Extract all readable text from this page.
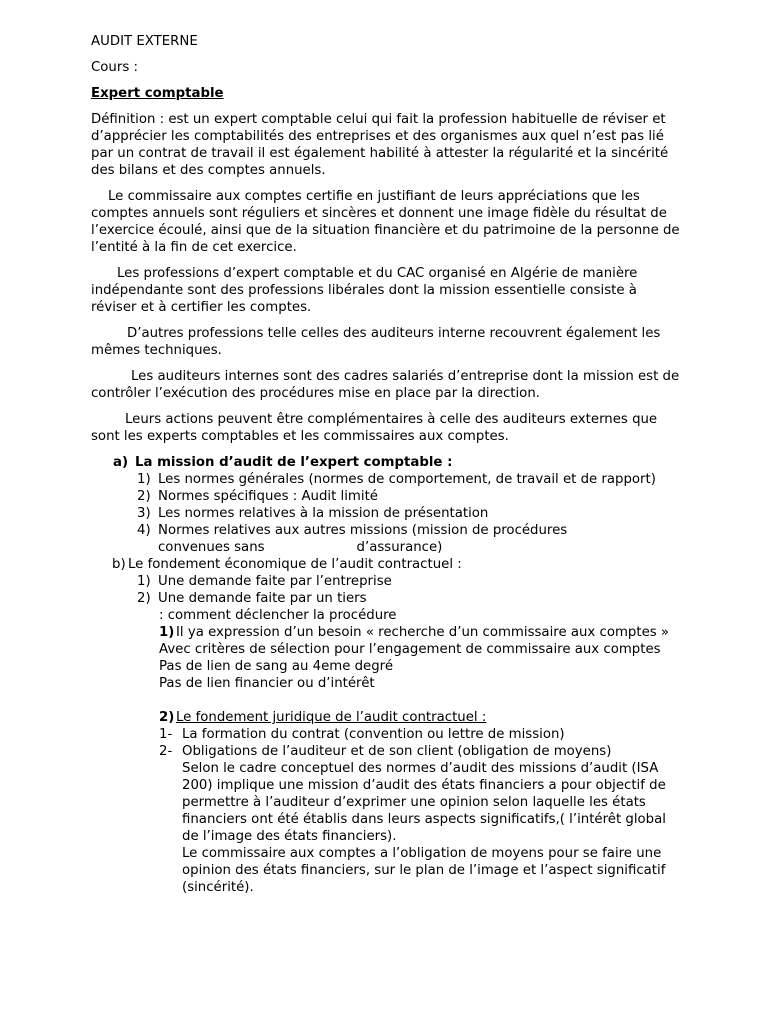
AUDIT EXTERNE

Cours :

Expert comptable

Définition : est un expert comptable celui qui fait la profession habituelle de réviser et d’apprécier les comptabilités des entreprises et des organismes aux quel n’est pas lié par un contrat de travail il est également habilité à attester la régularité et la sincérité des bilans et des comptes annuels.

Le commissaire aux comptes certifie en justifiant de leurs appréciations que les comptes annuels sont réguliers et sincères et donnent une image fidèle du résultat de l’exercice écoulé, ainsi que de la situation financière et du patrimoine de la personne de l’entité à la fin de cet exercice.

Les professions d’expert comptable et du CAC organisé en Algérie de manière indépendante sont des professions libérales dont la mission essentielle consiste à réviser et à certifier les comptes.

D’autres professions telle celles des auditeurs interne recouvrent également les mêmes techniques.

Les auditeurs internes sont des cadres salariés d’entreprise dont la mission est de contrôler l’exécution des procédures mise en place par la direction.

Leurs actions peuvent être complémentaires à celle des auditeurs externes que sont les experts comptables et les commissaires aux comptes.

a) La mission d’audit de l’expert comptable :
1) Les normes générales (normes de comportement, de travail et de rapport)
2) Normes spécifiques : Audit limité
3) Les normes relatives à la mission de présentation
4) Normes relatives aux autres missions (mission de procédures
convenues sans	d’assurance)
b) Le fondement économique de l’audit contractuel :
1) Une demande faite par l’entreprise
2) Une demande faite par un tiers

: comment déclencher la procédure

1) Il ya expression d’un besoin « recherche d’un commissaire aux comptes »

Avec critères de sélection pour l’engagement de commissaire aux comptes

Pas de lien de sang au 4eme degré

Pas de lien financier ou d’intérêt

2) Le fondement juridique de l’audit contractuel :
1- La formation du contrat (convention ou lettre de mission)
2- Obligations de l’auditeur et de son client (obligation de moyens)

Selon le cadre conceptuel des normes d’audit des missions d’audit (ISA 200) implique une mission d’audit des états financiers a pour objectif de permettre à l’auditeur d’exprimer une opinion selon laquelle les états financiers ont été établis dans leurs aspects significatifs,( l’intérêt global de l’image des états financiers).

Le commissaire aux comptes a l’obligation de moyens pour se faire une opinion des états financiers, sur le plan de l’image et l’aspect significatif (sincérité).
